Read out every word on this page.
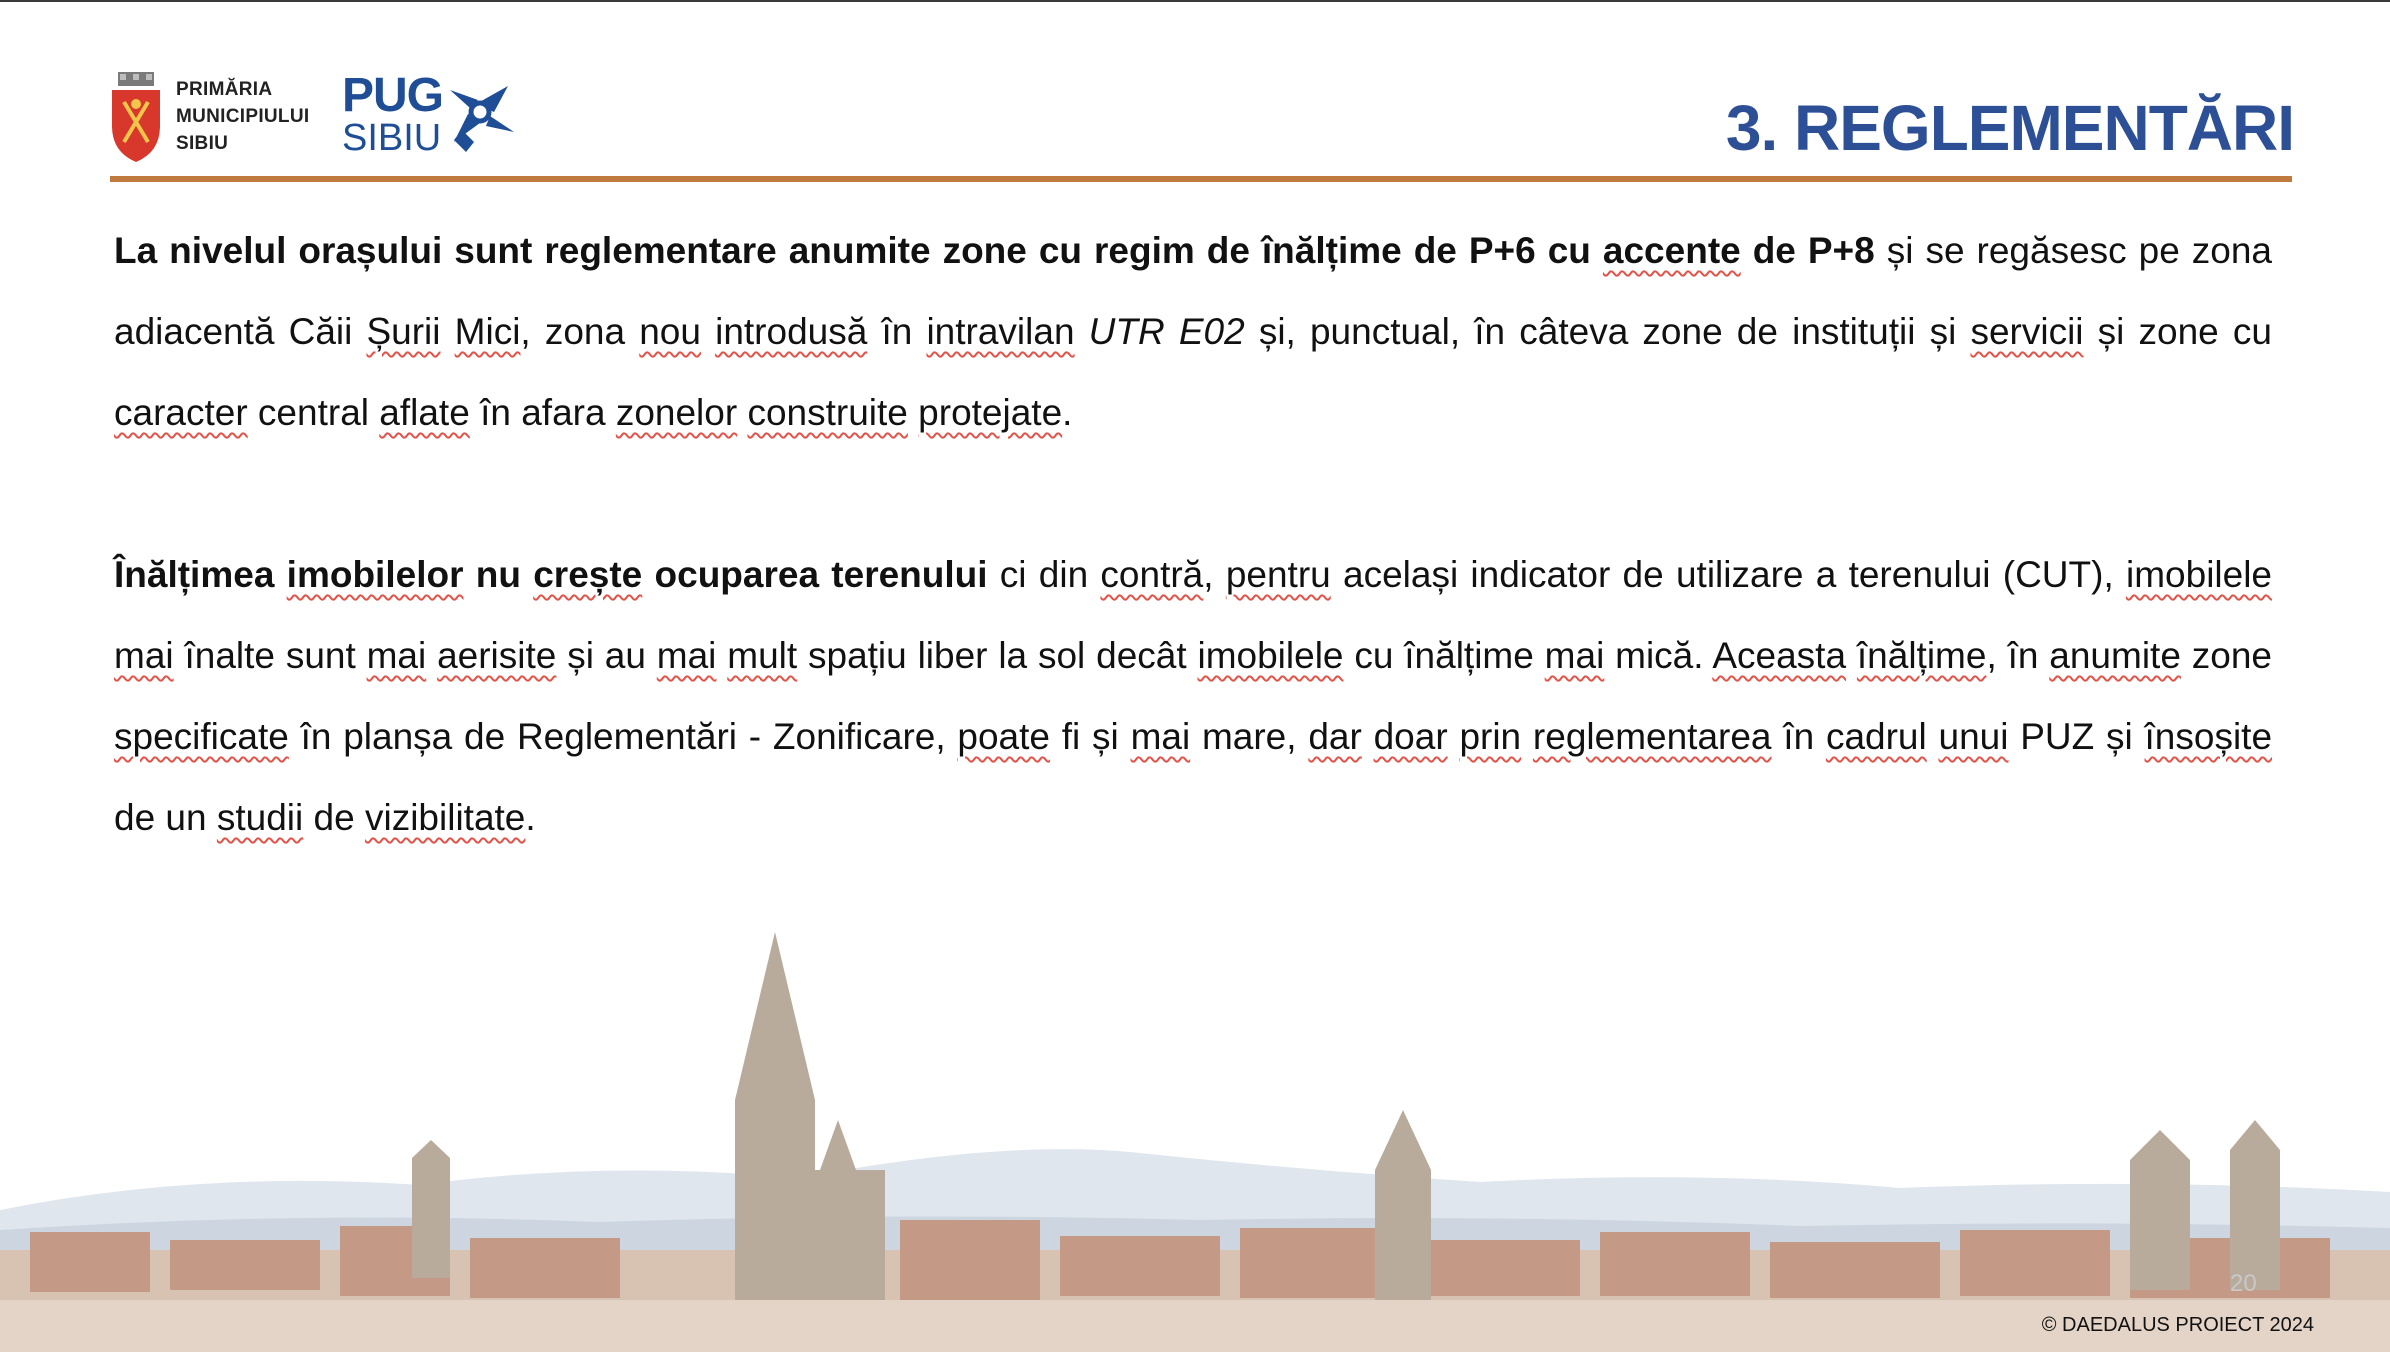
PRIMĂRIA
MUNICIPIULUI
SIBIU
PUG
SIBIU	3. REGLEMENTĂRI

La nivelul orașului sunt reglementare anumite zone cu regim de înălțime de P+6 cu accente de P+8 și se regăsesc pe zona adiacentă Căii Șurii Mici, zona nou introdusă în intravilan UTR E02 și, punctual, în câteva zone de instituții și servicii și zone cu caracter central aflate în afara zonelor construite protejate.

Înălțimea imobilelor nu crește ocuparea terenului ci din contră, pentru același indicator de utilizare a terenului (CUT), imobilele mai înalte sunt mai aerisite și au mai mult spațiu liber la sol decât imobilele cu înălțime mai mică. Aceasta înălțime, în anumite zone specificate în planșa de Reglementări - Zonificare, poate fi și mai mare, dar doar prin reglementarea în cadrul unui PUZ și însoșite de un studii de vizibilitate.

20
© DAEDALUS PROIECT 2024
